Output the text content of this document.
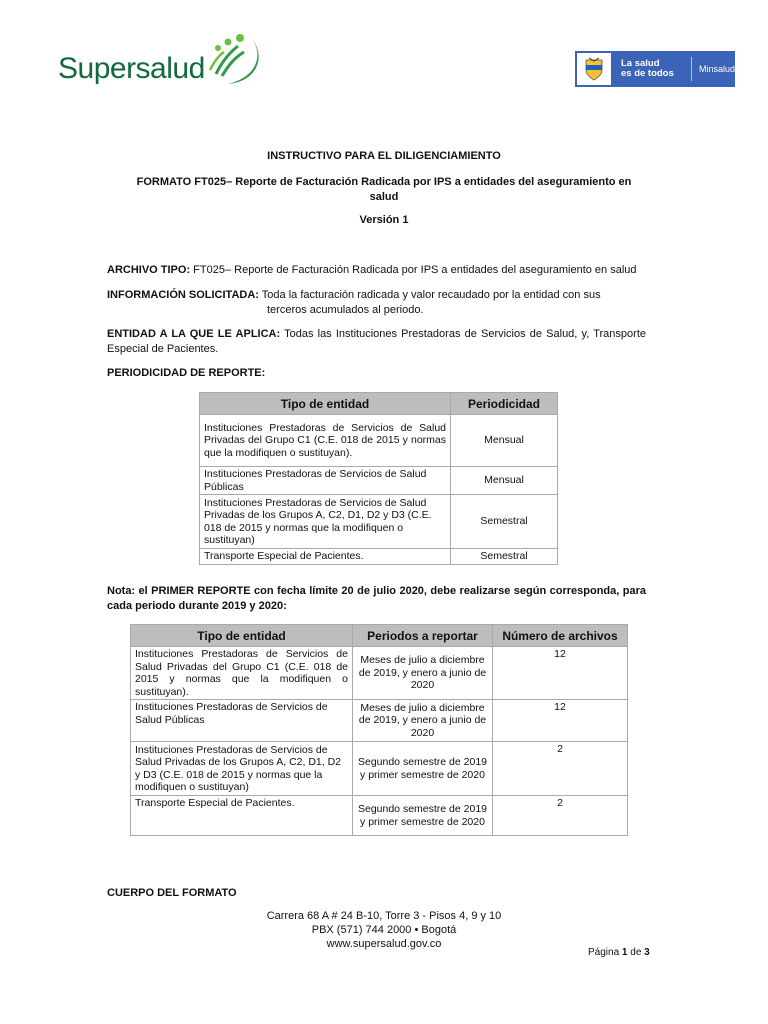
Supersalud	La salud
es de todos	Minsalud
INSTRUCTIVO PARA EL DILIGENCIAMIENTO
FORMATO FT025– Reporte de Facturación Radicada por IPS a entidades del aseguramiento en
salud
Versión 1
ARCHIVO TIPO: FT025– Reporte de Facturación Radicada por IPS a entidades del aseguramiento en salud
INFORMACIÓN SOLICITADA: Toda la facturación radicada y valor recaudado por la entidad con sus
terceros acumulados al periodo.
ENTIDAD A LA QUE LE APLICA: Todas las Instituciones Prestadoras de Servicios de Salud, y, Transporte Especial de Pacientes.
PERIODICIDAD DE REPORTE:
Tipo de entidad	Periodicidad
Instituciones Prestadoras de Servicios de Salud Privadas del Grupo C1 (C.E. 018 de 2015 y normas que la modifiquen o sustituyan).	Mensual
Instituciones Prestadoras de Servicios de Salud Públicas	Mensual
Instituciones Prestadoras de Servicios de Salud Privadas de los Grupos A, C2, D1, D2 y D3 (C.E. 018 de 2015 y normas que la modifiquen o sustituyan)	Semestral
Transporte Especial de Pacientes.	Semestral
Nota: el PRIMER REPORTE con fecha límite 20 de julio 2020, debe realizarse según corresponda, para cada periodo durante 2019 y 2020:
Tipo de entidad	Periodos a reportar	Número de archivos
Instituciones Prestadoras de Servicios de Salud Privadas del Grupo C1 (C.E. 018 de 2015 y normas que la modifiquen o sustituyan).	Meses de julio a diciembre de 2019, y enero a junio de 2020	12
Instituciones Prestadoras de Servicios de Salud Públicas	Meses de julio a diciembre de 2019, y enero a junio de 2020	12
Instituciones Prestadoras de Servicios de Salud Privadas de los Grupos A, C2, D1, D2 y D3 (C.E. 018 de 2015 y normas que la modifiquen o sustituyan)	Segundo semestre de 2019 y primer semestre de 2020	2
Transporte Especial de Pacientes.	Segundo semestre de 2019 y primer semestre de 2020	2
CUERPO DEL FORMATO
Carrera 68 A # 24 B-10, Torre 3 - Pisos 4, 9 y 10
PBX (571) 744 2000 • Bogotá
www.supersalud.gov.co
Página 1 de 3
